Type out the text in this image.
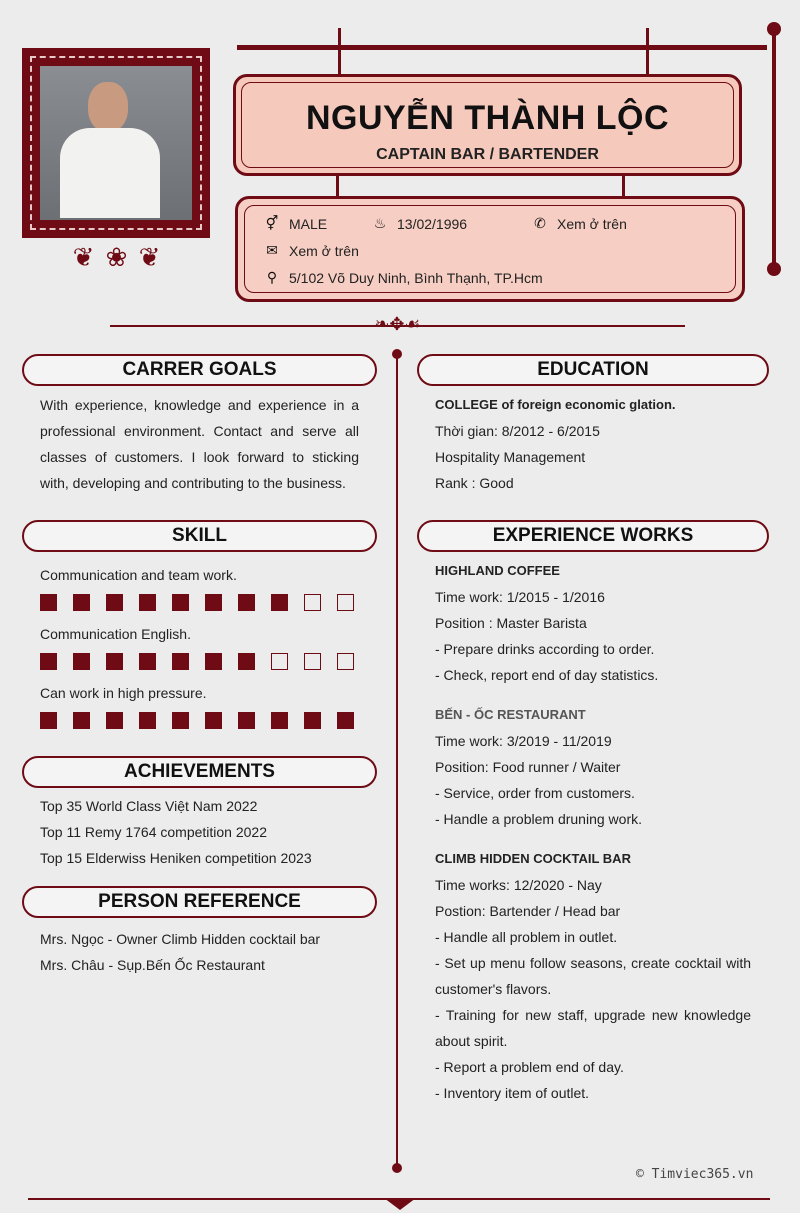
❦ ❀ ❦
NGUYỄN THÀNH LỘC
CAPTAIN BAR / BARTENDER
⚥ MALE	♨ 13/02/1996	✆ Xem ở trên
✉ Xem ở trên
⚲ 5/102 Võ Duy Ninh, Bình Thạnh, TP.Hcm
❧✥☙
CARRER GOALS
With experience, knowledge and experience in a professional environment. Contact and serve all classes of customers. I look forward to sticking with, developing and contributing to the business.
SKILL
Communication and team work.
Communication English.
Can work in high pressure.
ACHIEVEMENTS
Top 35 World Class Việt Nam 2022
Top 11 Remy 1764 competition 2022
Top 15 Elderwiss Heniken competition 2023
PERSON REFERENCE
Mrs. Ngọc - Owner Climb Hidden cocktail bar
Mrs. Châu - Sụp.Bến Ốc Restaurant
EDUCATION
COLLEGE of foreign economic glation.
Thời gian: 8/2012 - 6/2015
Hospitality Management
Rank : Good
EXPERIENCE WORKS
HIGHLAND COFFEE
Time work: 1/2015 - 1/2016
Position : Master Barista
- Prepare drinks according to order.
- Check, report end of day statistics.
BẾN - ỐC RESTAURANT
Time work: 3/2019 - 11/2019
Position: Food runner / Waiter
- Service, order from customers.
- Handle a problem druning work.
CLIMB HIDDEN COCKTAIL BAR
Time works: 12/2020 - Nay
Postion: Bartender / Head bar
- Handle all problem in outlet.
- Set up menu follow seasons, create cocktail with customer's flavors.
- Training for new staff, upgrade new knowledge about spirit.
- Report a problem end of day.
- Inventory item of outlet.
© Timviec365.vn
